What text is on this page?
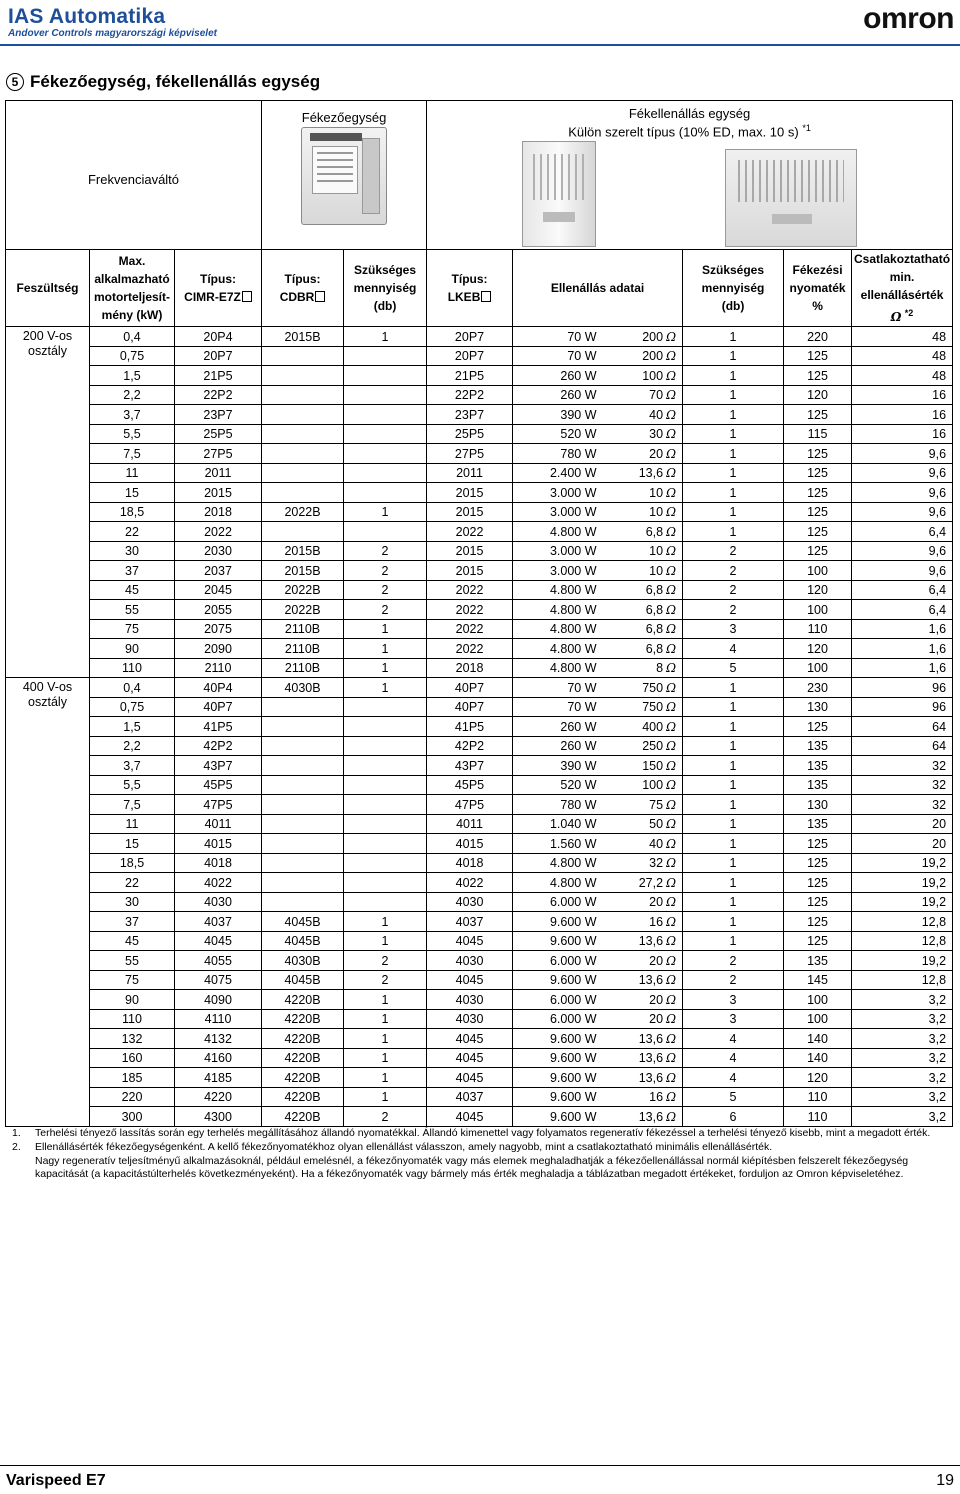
IAS Automatika
Andover Controls magyarországi képviselet	omron
5 Fékezőegység, fékellenállás egység
Frekvenciaváltó			Fékezőegység		Fékellenállás egység
Külön szerelt típus (10% ED, max. 10 s) $^{*1}$

Feszültség	Max.
alkalmazható
motorteljesít-
mény (kW)	Típus:
CIMR-E7Z	Típus:
CDBR	Szükséges
mennyiség
(db)	Típus:
LKEB	Ellenállás adatai		Szükséges
mennyiség
(db)	Fékezési
nyomaték %	Csatlakoztatható
min.
ellenállásérték
Ω $^{*2}$

200 V-os
osztály	0,4	20P4	2015B	1	20P7	70 W	200 Ω	1	220	48
	0,75	20P7			20P7	70 W	200 Ω	1	125	48
	1,5	21P5			21P5	260 W	100 Ω	1	125	48
	2,2	22P2			22P2	260 W	70 Ω	1	120	16
	3,7	23P7			23P7	390 W	40 Ω	1	125	16
	5,5	25P5			25P5	520 W	30 Ω	1	115	16
	7,5	27P5			27P5	780 W	20 Ω	1	125	9,6
	11	2011			2011	2.400 W	13,6 Ω	1	125	9,6
	15	2015			2015	3.000 W	10 Ω	1	125	9,6
	18,5	2018	2022B	1	2015	3.000 W	10 Ω	1	125	9,6
	22	2022			2022	4.800 W	6,8 Ω	1	125	6,4
	30	2030	2015B	2	2015	3.000 W	10 Ω	2	125	9,6
	37	2037	2015B	2	2015	3.000 W	10 Ω	2	100	9,6
	45	2045	2022B	2	2022	4.800 W	6,8 Ω	2	120	6,4
	55	2055	2022B	2	2022	4.800 W	6,8 Ω	2	100	6,4
	75	2075	2110B	1	2022	4.800 W	6,8 Ω	3	110	1,6
	90	2090	2110B	1	2022	4.800 W	6,8 Ω	4	120	1,6
	110	2110	2110B	1	2018	4.800 W	8 Ω	5	100	1,6

400 V-os
osztály	0,4	40P4	4030B	1	40P7	70 W	750 Ω	1	230	96
	0,75	40P7			40P7	70 W	750 Ω	1	130	96
	1,5	41P5			41P5	260 W	400 Ω	1	125	64
	2,2	42P2			42P2	260 W	250 Ω	1	135	64
	3,7	43P7			43P7	390 W	150 Ω	1	135	32
	5,5	45P5			45P5	520 W	100 Ω	1	135	32
	7,5	47P5			47P5	780 W	75 Ω	1	130	32
	11	4011			4011	1.040 W	50 Ω	1	135	20
	15	4015			4015	1.560 W	40 Ω	1	125	20
	18,5	4018			4018	4.800 W	32 Ω	1	125	19,2
	22	4022			4022	4.800 W	27,2 Ω	1	125	19,2
	30	4030			4030	6.000 W	20 Ω	1	125	19,2
	37	4037	4045B	1	4037	9.600 W	16 Ω	1	125	12,8
	45	4045	4045B	1	4045	9.600 W	13,6 Ω	1	125	12,8
	55	4055	4030B	2	4030	6.000 W	20 Ω	2	135	19,2
	75	4075	4045B	2	4045	9.600 W	13,6 Ω	2	145	12,8
	90	4090	4220B	1	4030	6.000 W	20 Ω	3	100	3,2
	110	4110	4220B	1	4030	6.000 W	20 Ω	3	100	3,2
	132	4132	4220B	1	4045	9.600 W	13,6 Ω	4	140	3,2
	160	4160	4220B	1	4045	9.600 W	13,6 Ω	4	140	3,2
	185	4185	4220B	1	4045	9.600 W	13,6 Ω	4	120	3,2
	220	4220	4220B	1	4037	9.600 W	16 Ω	5	110	3,2
	300	4300	4220B	2	4045	9.600 W	13,6 Ω	6	110	3,2
1.	Terhelési tényező lassítás során egy terhelés megállításához állandó nyomatékkal. Állandó kimenettel vagy folyamatos regeneratív fékezéssel a terhelési tényező kisebb, mint a megadott érték.
2.	Ellenállásérték fékezőegységenként. A kellő fékezőnyomatékhoz olyan ellenállást válasszon, amely nagyobb, mint a csatlakoztatható minimális ellenállásérték.
Nagy regeneratív teljesítményű alkalmazásoknál, például emelésnél, a fékezőnyomaték vagy más elemek meghaladhatják a fékezőellenállással normál kiépítésben felszerelt fékezőegység kapacitását (a kapacitástúlterhelés következményeként). Ha a fékezőnyomaték vagy bármely más érték meghaladja a táblázatban megadott értékeket, forduljon az Omron képviseletéhez.
Varispeed E7	19
